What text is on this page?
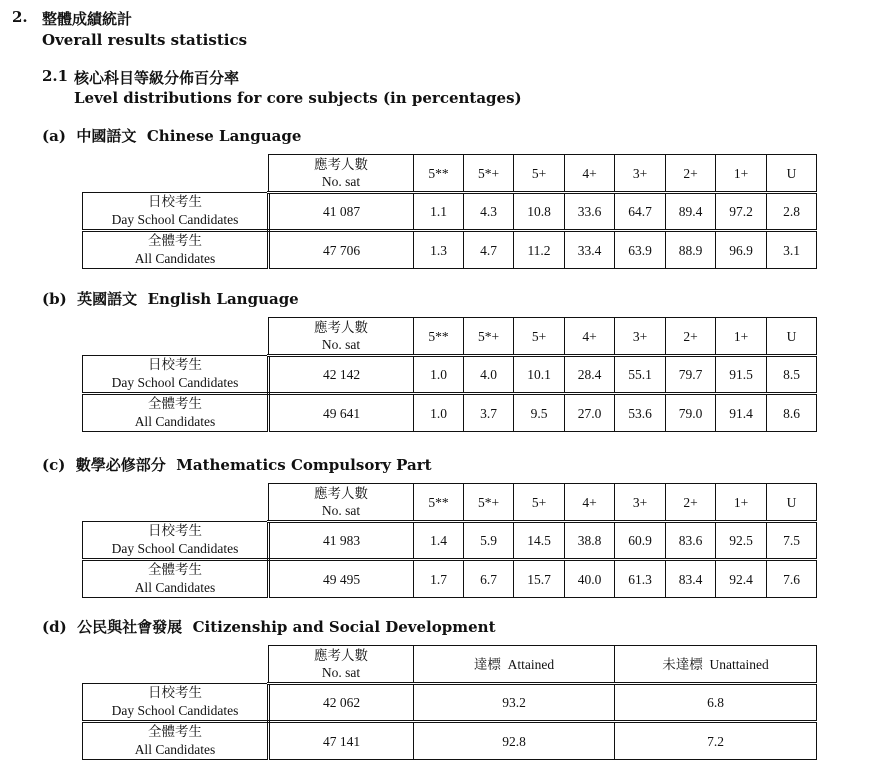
2. 整體成績統計
Overall results statistics
2.1 核心科目等級分佈百分率
Level distributions for core subjects (in percentages)
(a) 中國語文 Chinese Language

	應考人數
No. sat	5**	5*+	5+	4+	3+	2+	1+	U

日校考生
Day School Candidates	41 087	1.1	4.3	10.8	33.6	64.7	89.4	97.2	2.8

全體考生
All Candidates	47 706	1.3	4.7	11.2	33.4	63.9	88.9	96.9	3.1
(b) 英國語文 English Language

	應考人數
No. sat	5**	5*+	5+	4+	3+	2+	1+	U

日校考生
Day School Candidates	42 142	1.0	4.0	10.1	28.4	55.1	79.7	91.5	8.5

全體考生
All Candidates	49 641	1.0	3.7	9.5	27.0	53.6	79.0	91.4	8.6
(c) 數學必修部分 Mathematics Compulsory Part

	應考人數
No. sat	5**	5*+	5+	4+	3+	2+	1+	U

日校考生
Day School Candidates	41 983	1.4	5.9	14.5	38.8	60.9	83.6	92.5	7.5

全體考生
All Candidates	49 495	1.7	6.7	15.7	40.0	61.3	83.4	92.4	7.6
(d) 公民與社會發展 Citizenship and Social Development

	應考人數
No. sat	達標 Attained	未達標 Unattained

日校考生
Day School Candidates	42 062	93.2	6.8

全體考生
All Candidates	47 141	92.8	7.2
